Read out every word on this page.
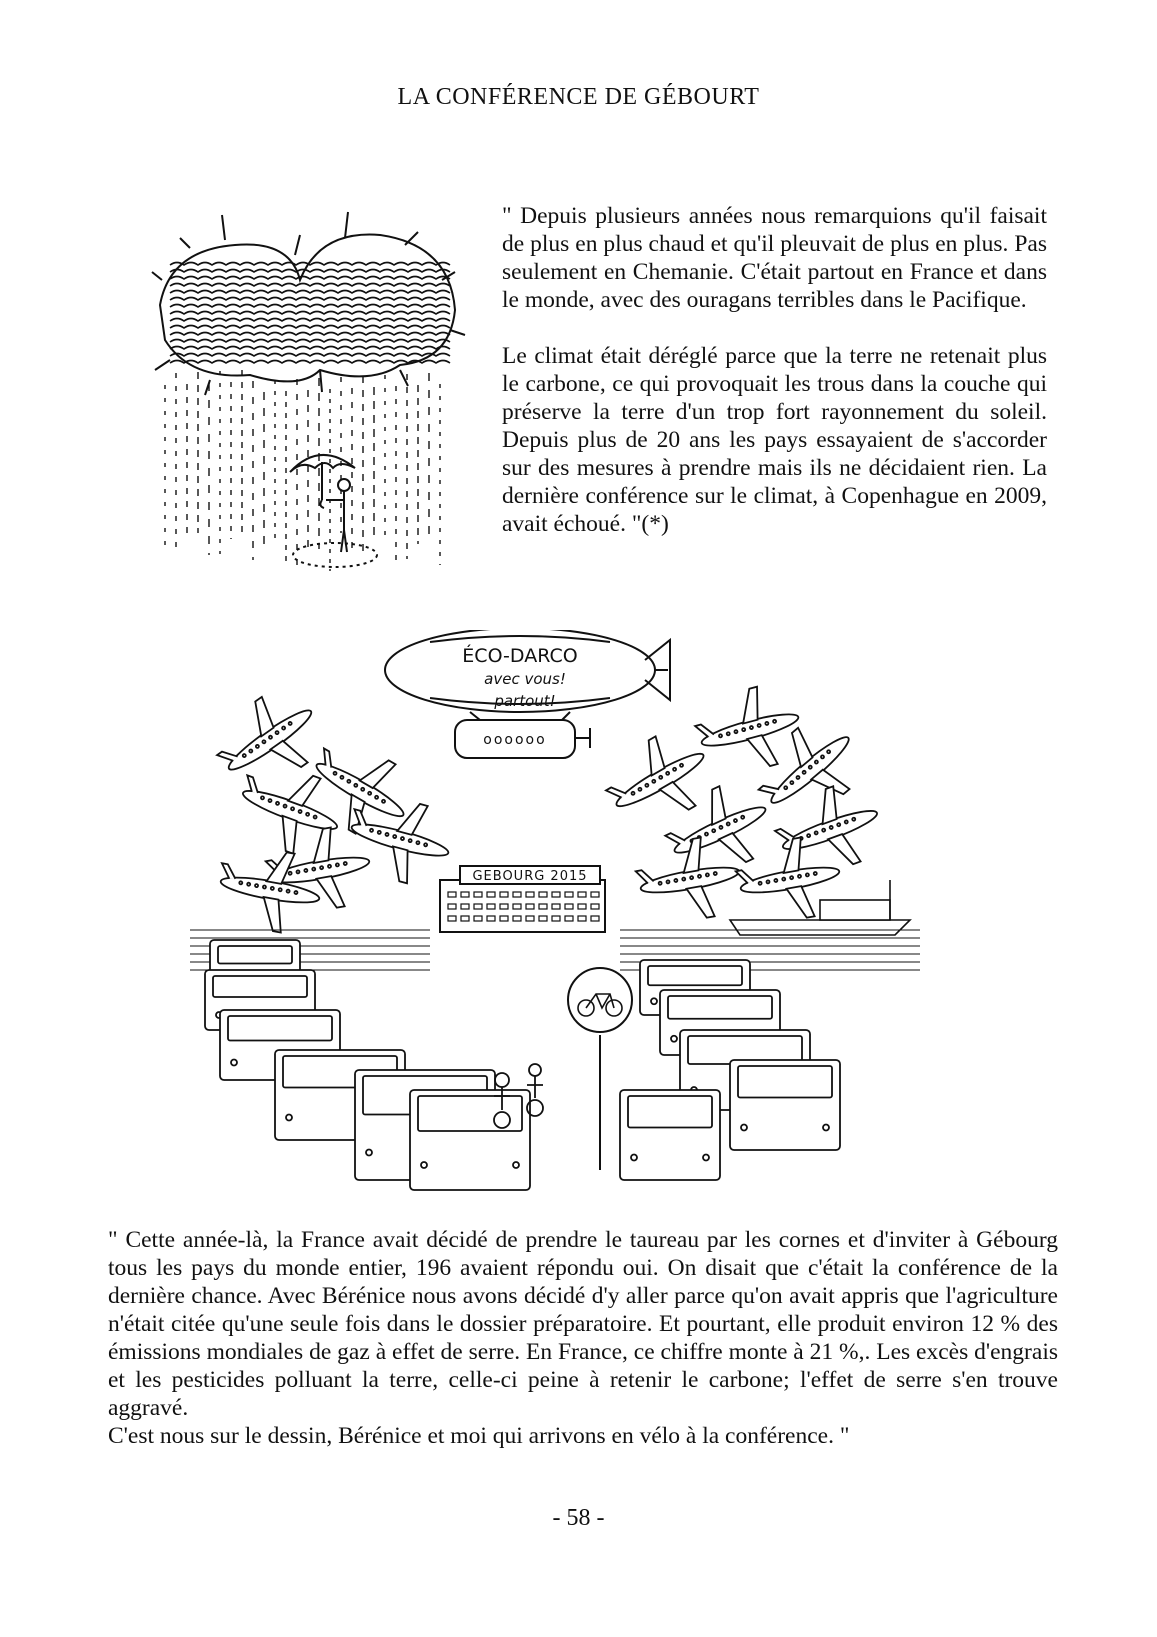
LA CONFÉRENCE DE GÉBOURT

" Depuis plusieurs années nous remarquions qu'il faisait de plus en plus chaud et qu'il pleuvait de plus en plus. Pas seulement en Chemanie. C'était partout en France et dans le monde, avec des ouragans terribles dans le Pacifique.

Le climat était déréglé parce que la terre ne retenait plus le carbone, ce qui provoquait les trous dans la couche qui préserve la terre d'un trop fort rayonnement du soleil. Depuis plus de 20 ans les pays essayaient de s'accorder sur des mesures à prendre mais ils ne décidaient rien. La dernière conférence sur le climat, à Copenhague en 2009, avait échoué. "(*)

ÉCO-DARCO
avec vous!
partout!
oooooo
GEBOURG 2015

" Cette année-là, la France avait décidé de prendre le taureau par les cornes et d'inviter à Gébourg tous les pays du monde entier, 196 avaient répondu oui. On disait que c'était la conférence de la dernière chance. Avec Bérénice nous avons décidé d'y aller parce qu'on avait appris que l'agriculture n'était citée qu'une seule fois dans le dossier préparatoire. Et pourtant, elle produit environ 12 % des émissions mondiales de gaz à effet de serre. En France, ce chiffre monte à 21 %,. Les excès d'engrais et les pesticides polluant la terre, celle-ci peine à retenir le carbone; l'effet de serre s'en trouve aggravé.

C'est nous sur le dessin, Bérénice et moi qui arrivons en vélo à la conférence. "

- 58 -
